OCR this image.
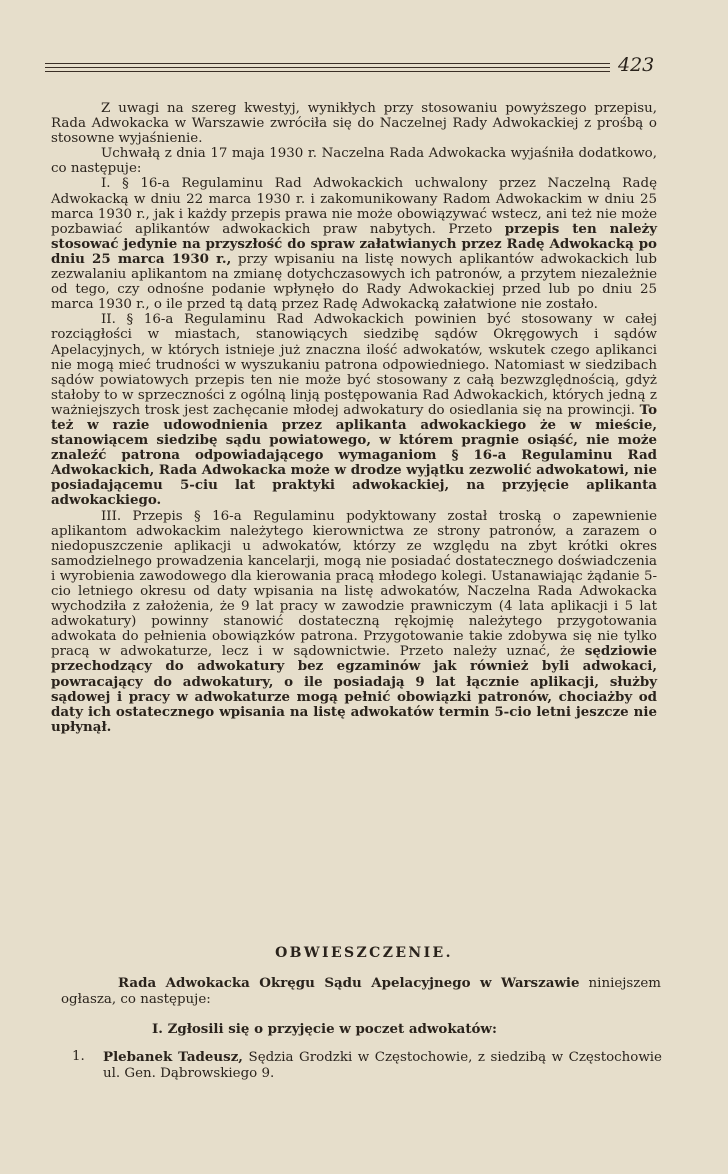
423

Z uwagi na szereg kwestyj, wynikłych przy stosowaniu powyższego przepisu, Rada Adwokacka w Warszawie zwróciła się do Naczelnej Rady Adwokackiej z prośbą o stosowne wyjaśnienie.

Uchwałą z dnia 17 maja 1930 r. Naczelna Rada Adwokacka wyjaśniła dodatkowo, co następuje:

I. § 16-a Regulaminu Rad Adwokackich uchwalony przez Naczelną Radę Adwokacką w dniu 22 marca 1930 r. i zakomunikowany Radom Adwokackim w dniu 25 marca 1930 r., jak i każdy przepis prawa nie może obowiązywać wstecz, ani też nie może pozbawiać aplikantów adwokackich praw nabytych. Przeto przepis ten należy stosować jedynie na przyszłość do spraw załatwianych przez Radę Adwokacką po dniu 25 marca 1930 r., przy wpisaniu na listę nowych aplikantów adwokackich lub zezwalaniu aplikantom na zmianę dotychczasowych ich patronów, a przytem niezależnie od tego, czy odnośne podanie wpłynęło do Rady Adwokackiej przed lub po dniu 25 marca 1930 r., o ile przed tą datą przez Radę Adwokacką załatwione nie zostało.

II. § 16-a Regulaminu Rad Adwokackich powinien być stosowany w całej rozciągłości w miastach, stanowiących siedzibę sądów Okręgowych i sądów Apelacyjnych, w których istnieje już znaczna ilość adwokatów, wskutek czego aplikanci nie mogą mieć trudności w wyszukaniu patrona odpowiedniego. Natomiast w siedzibach sądów powiatowych przepis ten nie może być stosowany z całą bezwzględnością, gdyż stałoby to w sprzeczności z ogólną linją postępowania Rad Adwokackich, których jedną z ważniejszych trosk jest zachęcanie młodej adwokatury do osiedlania się na prowincji. To też w razie udowodnienia przez aplikanta adwokackiego że w mieście, stanowiącem siedzibę sądu powiatowego, w którem pragnie osiąść, nie może znaleźć patrona odpowiadającego wymaganiom § 16-a Regulaminu Rad Adwokackich, Rada Adwokacka może w drodze wyjątku zezwolić adwokatowi, nie posiadającemu 5-ciu lat praktyki adwokackiej, na przyjęcie aplikanta adwokackiego.

III. Przepis § 16-a Regulaminu podyktowany został troską o zapewnienie aplikantom adwokackim należytego kierownictwa ze strony patronów, a zarazem o niedopuszczenie aplikacji u adwokatów, którzy ze względu na zbyt krótki okres samodzielnego prowadzenia kancelarji, mogą nie posiadać dostatecznego doświadczenia i wyrobienia zawodowego dla kierowania pracą młodego kolegi. Ustanawiając żądanie 5-cio letniego okresu od daty wpisania na listę adwokatów, Naczelna Rada Adwokacka wychodziła z założenia, że 9 lat pracy w zawodzie prawniczym (4 lata aplikacji i 5 lat adwokatury) powinny stanowić dostateczną rękojmię należytego przygotowania adwokata do pełnienia obowiązków patrona. Przygotowanie takie zdobywa się nie tylko pracą w adwokaturze, lecz i w sądownictwie. Przeto należy uznać, że sędziowie przechodzący do adwokatury bez egzaminów jak również byli adwokaci, powracający do adwokatury, o ile posiadają 9 lat łącznie aplikacji, służby sądowej i pracy w adwokaturze mogą pełnić obowiązki patronów, chociażby od daty ich ostatecznego wpisania na listę adwokatów termin 5-cio letni jeszcze nie upłynął.

OBWIESZCZENIE.

Rada Adwokacka Okręgu Sądu Apelacyjnego w Warszawie niniejszem ogłasza, co następuje:

I. Zgłosili się o przyjęcie w poczet adwokatów:
1. Plebanek Tadeusz, Sędzia Grodzki w Częstochowie, z siedzibą w Częstochowie ul. Gen. Dąbrowskiego 9.
